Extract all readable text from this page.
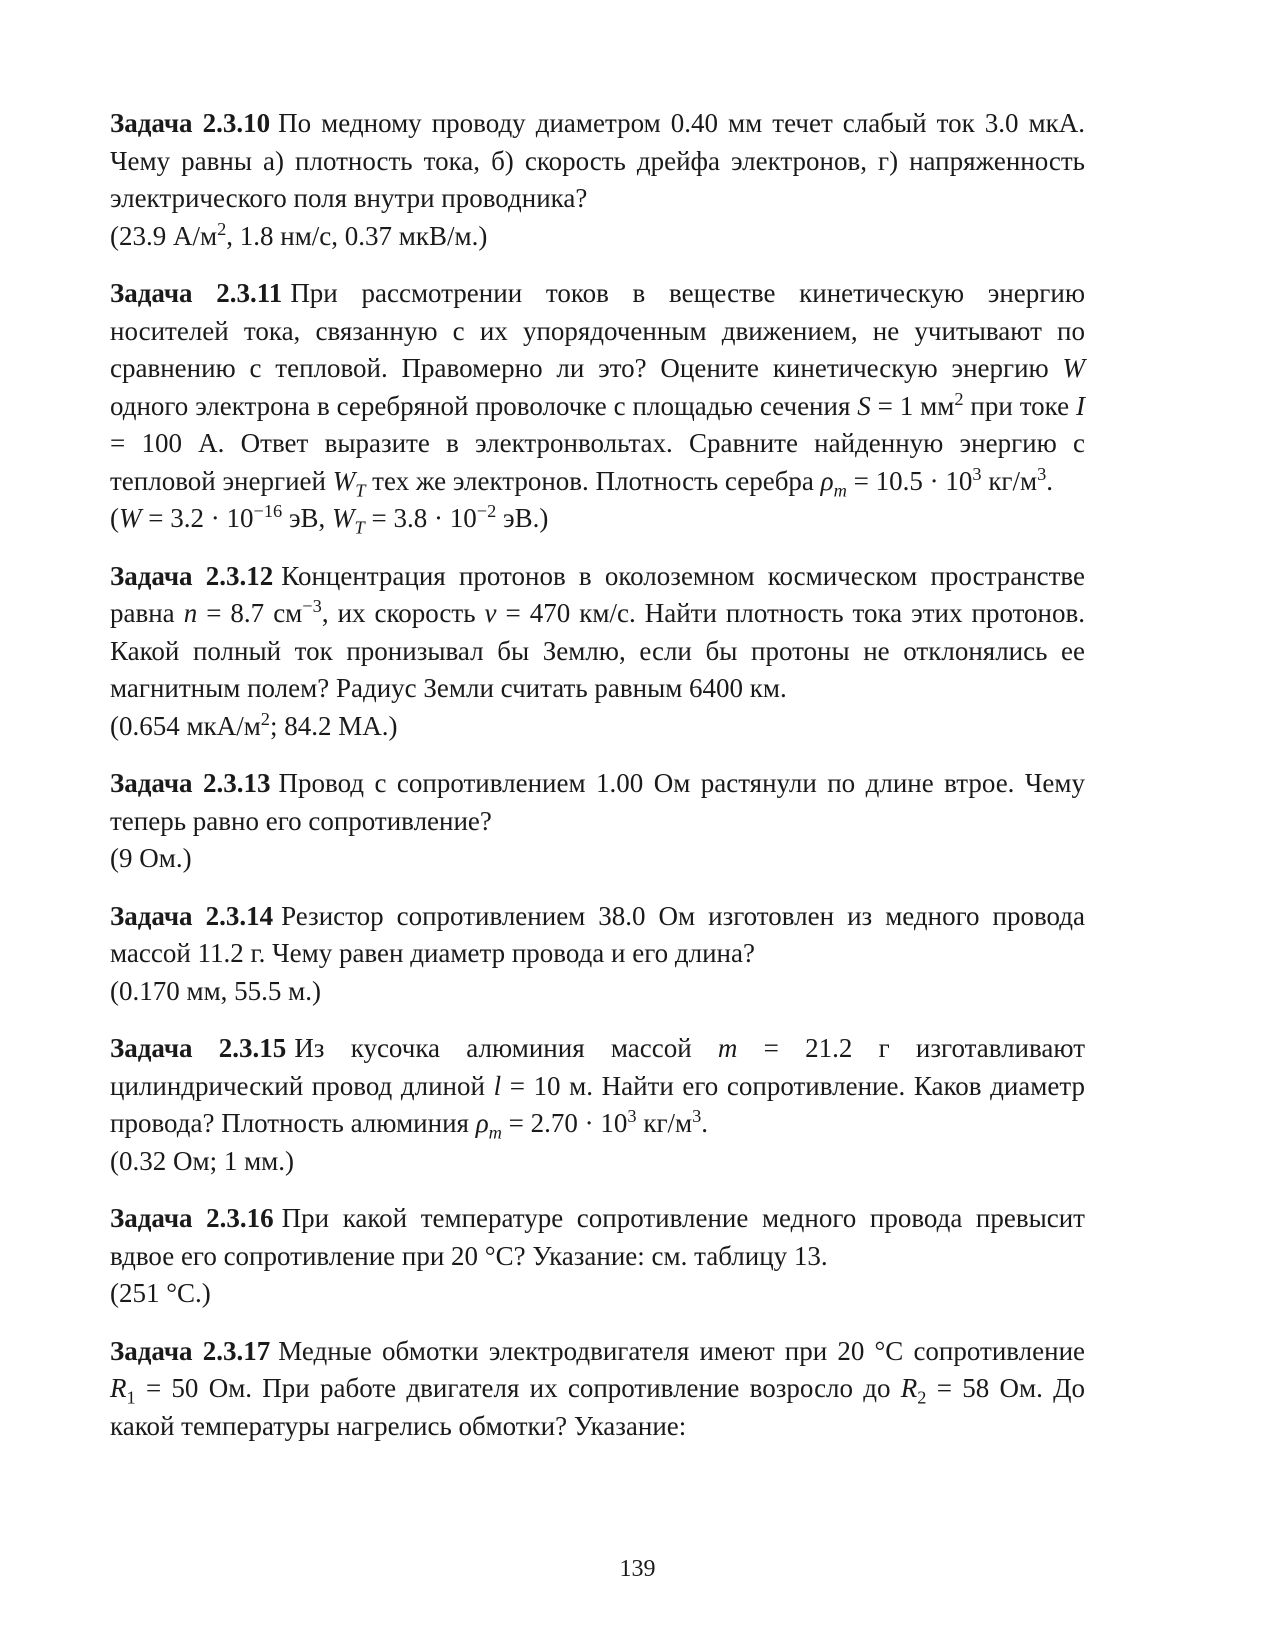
Задача 2.3.10 По медному проводу диаметром 0.40 мм течет слабый ток 3.0 мкА. Чему равны а) плотность тока, б) скорость дрейфа электронов, г) напряженность электрического поля внутри проводника?
(23.9 $А/м^2$, 1.8 нм/с, 0.37 мкВ/м.)

Задача 2.3.11 При рассмотрении токов в веществе кинетическую энергию носителей тока, связанную с их упорядоченным движением, не учитывают по сравнению с тепловой. Правомерно ли это? Оцените кинетическую энергию W одного электрона в серебряной проволочке с площадью сечения S = 1 $мм^2$ при токе I = 100 А. Ответ выразите в электронвольтах. Сравните найденную энергию с тепловой энергией $W_T$ тех же электронов. Плотность серебра $\rho_m = 10.5 \cdot 10^3$ $кг/м^3$.
($W = 3.2 \cdot 10^{-16}$ эВ, $W_T = 3.8 \cdot 10^{-2}$ эВ.)

Задача 2.3.12 Концентрация протонов в околоземном космическом пространстве равна n = 8.7 $см^{-3}$, их скорость v = 470 км/с. Найти плотность тока этих протонов. Какой полный ток пронизывал бы Землю, если бы протоны не отклонялись ее магнитным полем? Радиус Земли считать равным 6400 км.
(0.654 мкА/$м^2$; 84.2 МА.)

Задача 2.3.13 Провод с сопротивлением 1.00 Ом растянули по длине втрое. Чему теперь равно его сопротивление?
(9 Ом.)

Задача 2.3.14 Резистор сопротивлением 38.0 Ом изготовлен из медного провода массой 11.2 г. Чему равен диаметр провода и его длина?
(0.170 мм, 55.5 м.)

Задача 2.3.15 Из кусочка алюминия массой m = 21.2 г изготавливают цилиндрический провод длиной l = 10 м. Найти его сопротивление. Каков диаметр провода? Плотность алюминия $\rho_m = 2.70 \cdot 10^3$ $кг/м^3$.
(0.32 Ом; 1 мм.)

Задача 2.3.16 При какой температуре сопротивление медного провода превысит вдвое его сопротивление при 20 °C? Указание: см. таблицу 13.
(251 °C.)

Задача 2.3.17 Медные обмотки электродвигателя имеют при 20 °C сопротивление $R_1 = 50$ Ом. При работе двигателя их сопротивление возросло до $R_2 = 58$ Ом. До какой температуры нагрелись обмотки? Указание:

139
